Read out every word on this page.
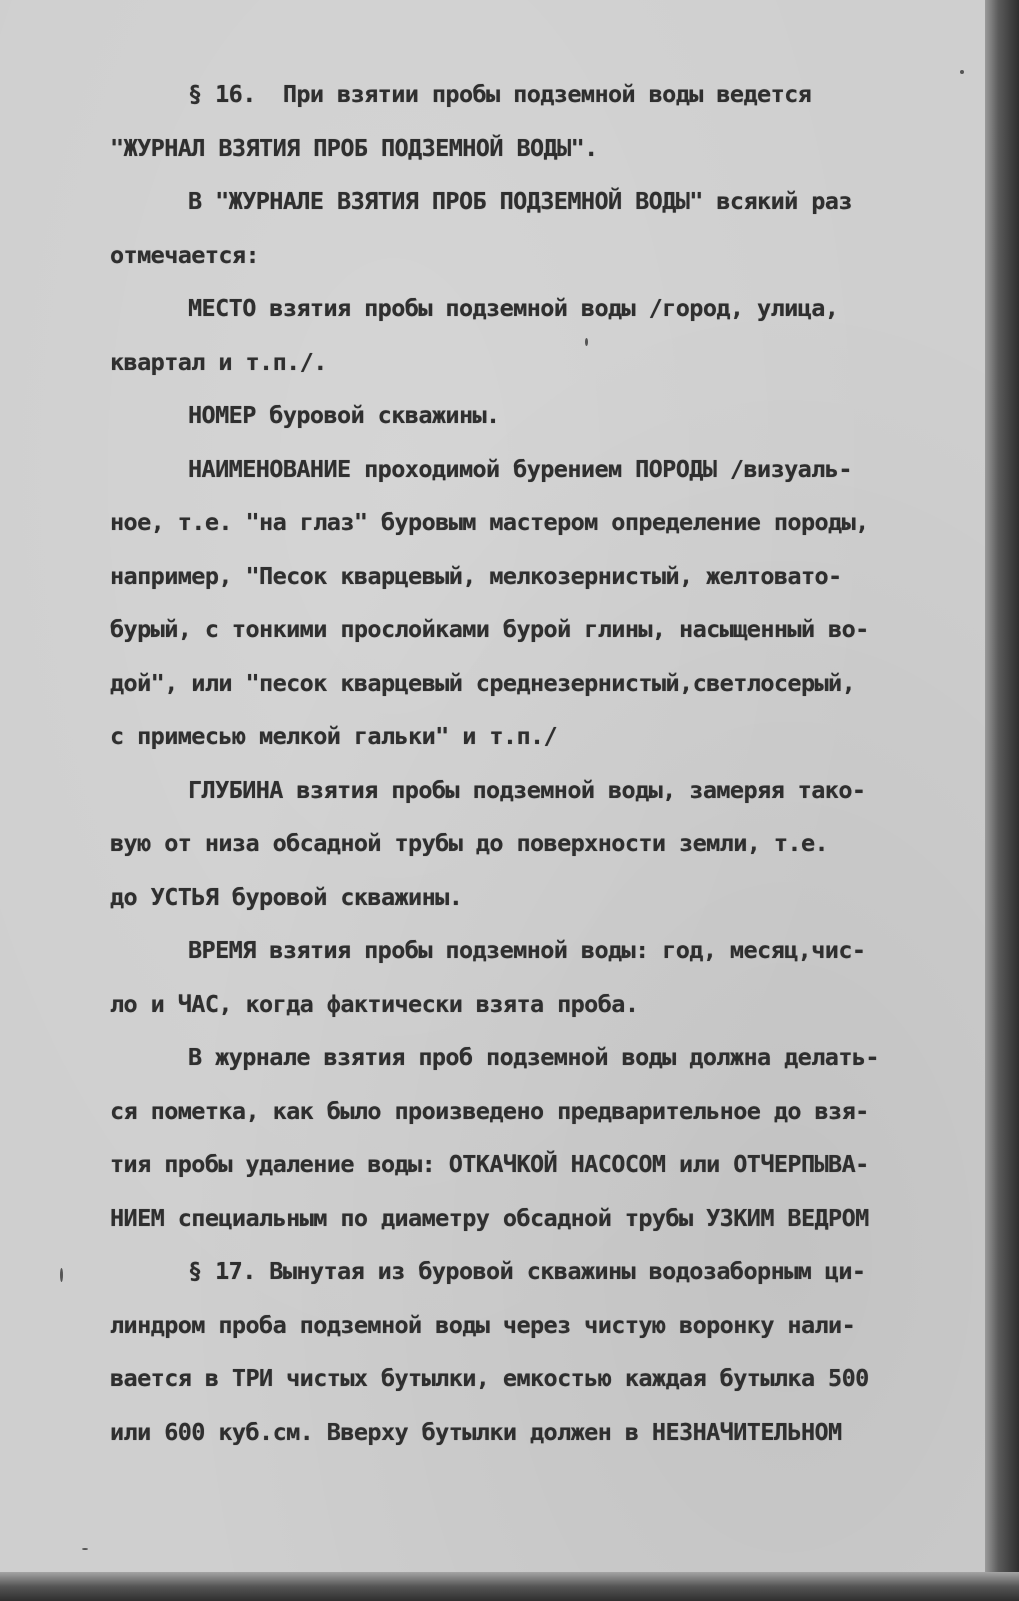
§ 16.  При взятии пробы подземной воды ведется
"ЖУРНАЛ ВЗЯТИЯ ПРОБ ПОДЗЕМНОЙ ВОДЫ".
В "ЖУРНАЛЕ ВЗЯТИЯ ПРОБ ПОДЗЕМНОЙ ВОДЫ" всякий раз
отмечается:
МЕСТО взятия пробы подземной воды /город, улица,
квартал и т.п./.
НОМЕР буровой скважины.
НАИМЕНОВАНИЕ проходимой бурением ПОРОДЫ /визуаль-
ное, т.е. "на глаз" буровым мастером определение породы,
например, "Песок кварцевый, мелкозернистый, желтовато-
бурый, с тонкими прослойками бурой глины, насыщенный во-
дой", или "песок кварцевый среднезернистый,светлосерый,
с примесью мелкой гальки" и т.п./
ГЛУБИНА взятия пробы подземной воды, замеряя тако-
вую от низа обсадной трубы до поверхности земли, т.е.
до УСТЬЯ буровой скважины.
ВРЕМЯ взятия пробы подземной воды: год, месяц,чис-
ло и ЧАС, когда фактически взята проба.
В журнале взятия проб подземной воды должна делать-
ся пометка, как было произведено предварительное до взя-
тия пробы удаление воды: ОТКАЧКОЙ НАСОСОМ или ОТЧЕРПЫВА-
НИЕМ специальным по диаметру обсадной трубы УЗКИМ ВЕДРОМ
§ 17. Вынутая из буровой скважины водозаборным ци-
линдром проба подземной воды через чистую воронку нали-
вается в ТРИ чистых бутылки, емкостью каждая бутылка 500
или 600 куб.см. Вверху бутылки должен в НЕЗНАЧИТЕЛЬНОМ
